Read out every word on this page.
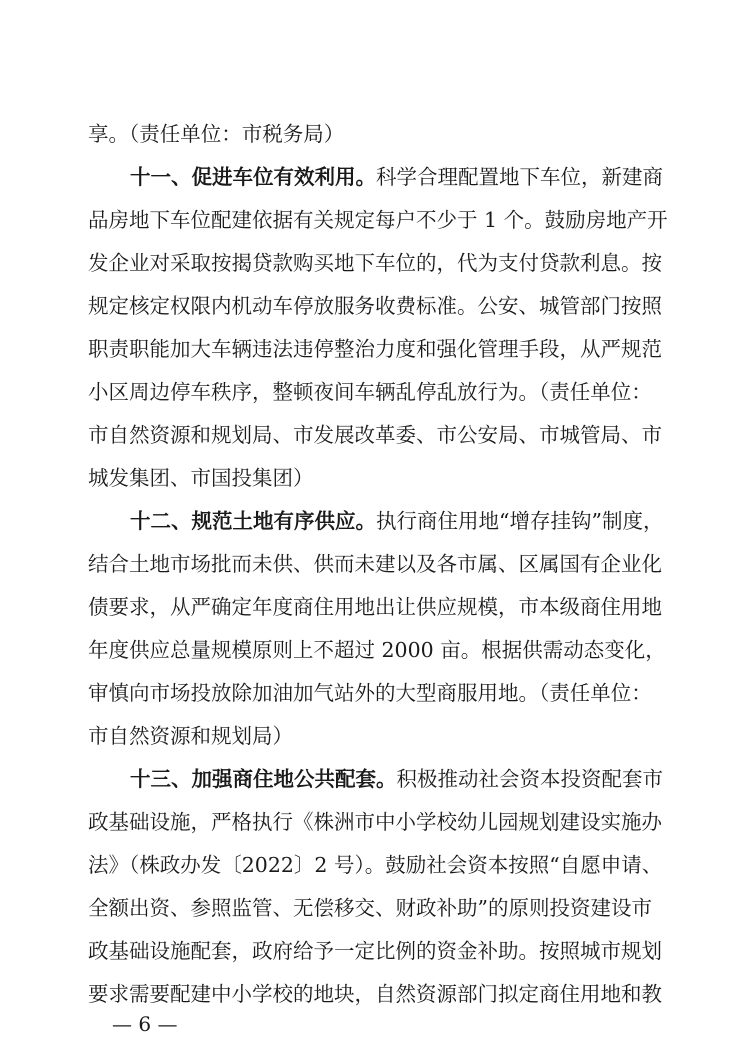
享。（责任单位：市税务局）
十一、促进车位有效利用。科学合理配置地下车位，新建商
品房地下车位配建依据有关规定每户不少于 1 个。鼓励房地产开
发企业对采取按揭贷款购买地下车位的，代为支付贷款利息。按
规定核定权限内机动车停放服务收费标准。公安、城管部门按照
职责职能加大车辆违法违停整治力度和强化管理手段，从严规范
小区周边停车秩序，整顿夜间车辆乱停乱放行为。（责任单位：
市自然资源和规划局、市发展改革委、市公安局、市城管局、市
城发集团、市国投集团）
十二、规范土地有序供应。执行商住用地“增存挂钩”制度，
结合土地市场批而未供、供而未建以及各市属、区属国有企业化
债要求，从严确定年度商住用地出让供应规模，市本级商住用地
年度供应总量规模原则上不超过 2000 亩。根据供需动态变化，
审慎向市场投放除加油加气站外的大型商服用地。（责任单位：
市自然资源和规划局）
十三、加强商住地公共配套。积极推动社会资本投资配套市
政基础设施，严格执行《株洲市中小学校幼儿园规划建设实施办
法》（株政办发〔2022〕2 号）。鼓励社会资本按照“自愿申请、
全额出资、参照监管、无偿移交、财政补助”的原则投资建设市
政基础设施配套，政府给予一定比例的资金补助。按照城市规划
要求需要配建中小学校的地块，自然资源部门拟定商住用地和教
— 6 —
